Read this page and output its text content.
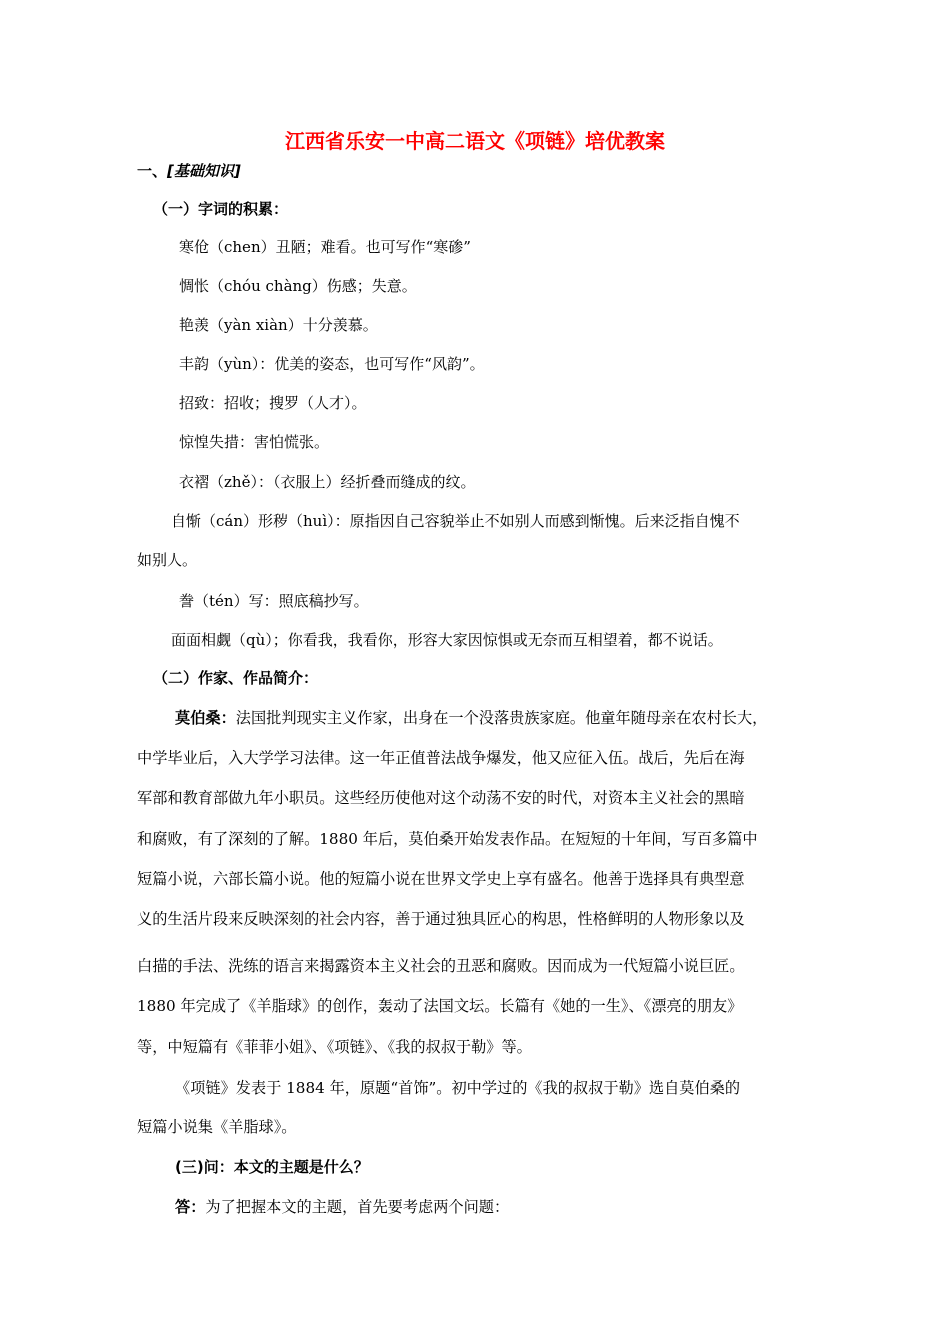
江西省乐安一中高二语文《项链》培优教案
一、[基础知识]
（一）字词的积累：
寒伧（chen）丑陋；难看。也可写作“寒碜”
惆怅（chóu chàng）伤感；失意。
艳羡（yàn xiàn）十分羡慕。
丰韵（yùn）：优美的姿态，也可写作“风韵”。
招致：招收；搜罗（人才）。
惊惶失措：害怕慌张。
衣褶（zhě）：（衣服上）经折叠而缝成的纹。
自惭（cán）形秽（huì）：原指因自己容貌举止不如别人而感到惭愧。后来泛指自愧不
如别人。
誊（tén）写：照底稿抄写。
面面相觑（qù）；你看我，我看你，形容大家因惊惧或无奈而互相望着，都不说话。
（二）作家、作品简介：
莫伯桑：法国批判现实主义作家，出身在一个没落贵族家庭。他童年随母亲在农村长大，
中学毕业后，入大学学习法律。这一年正值普法战争爆发，他又应征入伍。战后，先后在海
军部和教育部做九年小职员。这些经历使他对这个动荡不安的时代，对资本主义社会的黑暗
和腐败，有了深刻的了解。1880 年后，莫伯桑开始发表作品。在短短的十年间，写百多篇中
短篇小说，六部长篇小说。他的短篇小说在世界文学史上享有盛名。他善于选择具有典型意
义的生活片段来反映深刻的社会内容，善于通过独具匠心的构思，性格鲜明的人物形象以及
白描的手法、洗练的语言来揭露资本主义社会的丑恶和腐败。因而成为一代短篇小说巨匠。
1880 年完成了《羊脂球》的创作，轰动了法国文坛。长篇有《她的一生》、《漂亮的朋友》
等，中短篇有《菲菲小姐》、《项链》、《我的叔叔于勒》等。
《项链》发表于 1884 年，原题“首饰”。初中学过的《我的叔叔于勒》选自莫伯桑的
短篇小说集《羊脂球》。
(三)问：本文的主题是什么？
答：为了把握本文的主题，首先要考虑两个问题：
